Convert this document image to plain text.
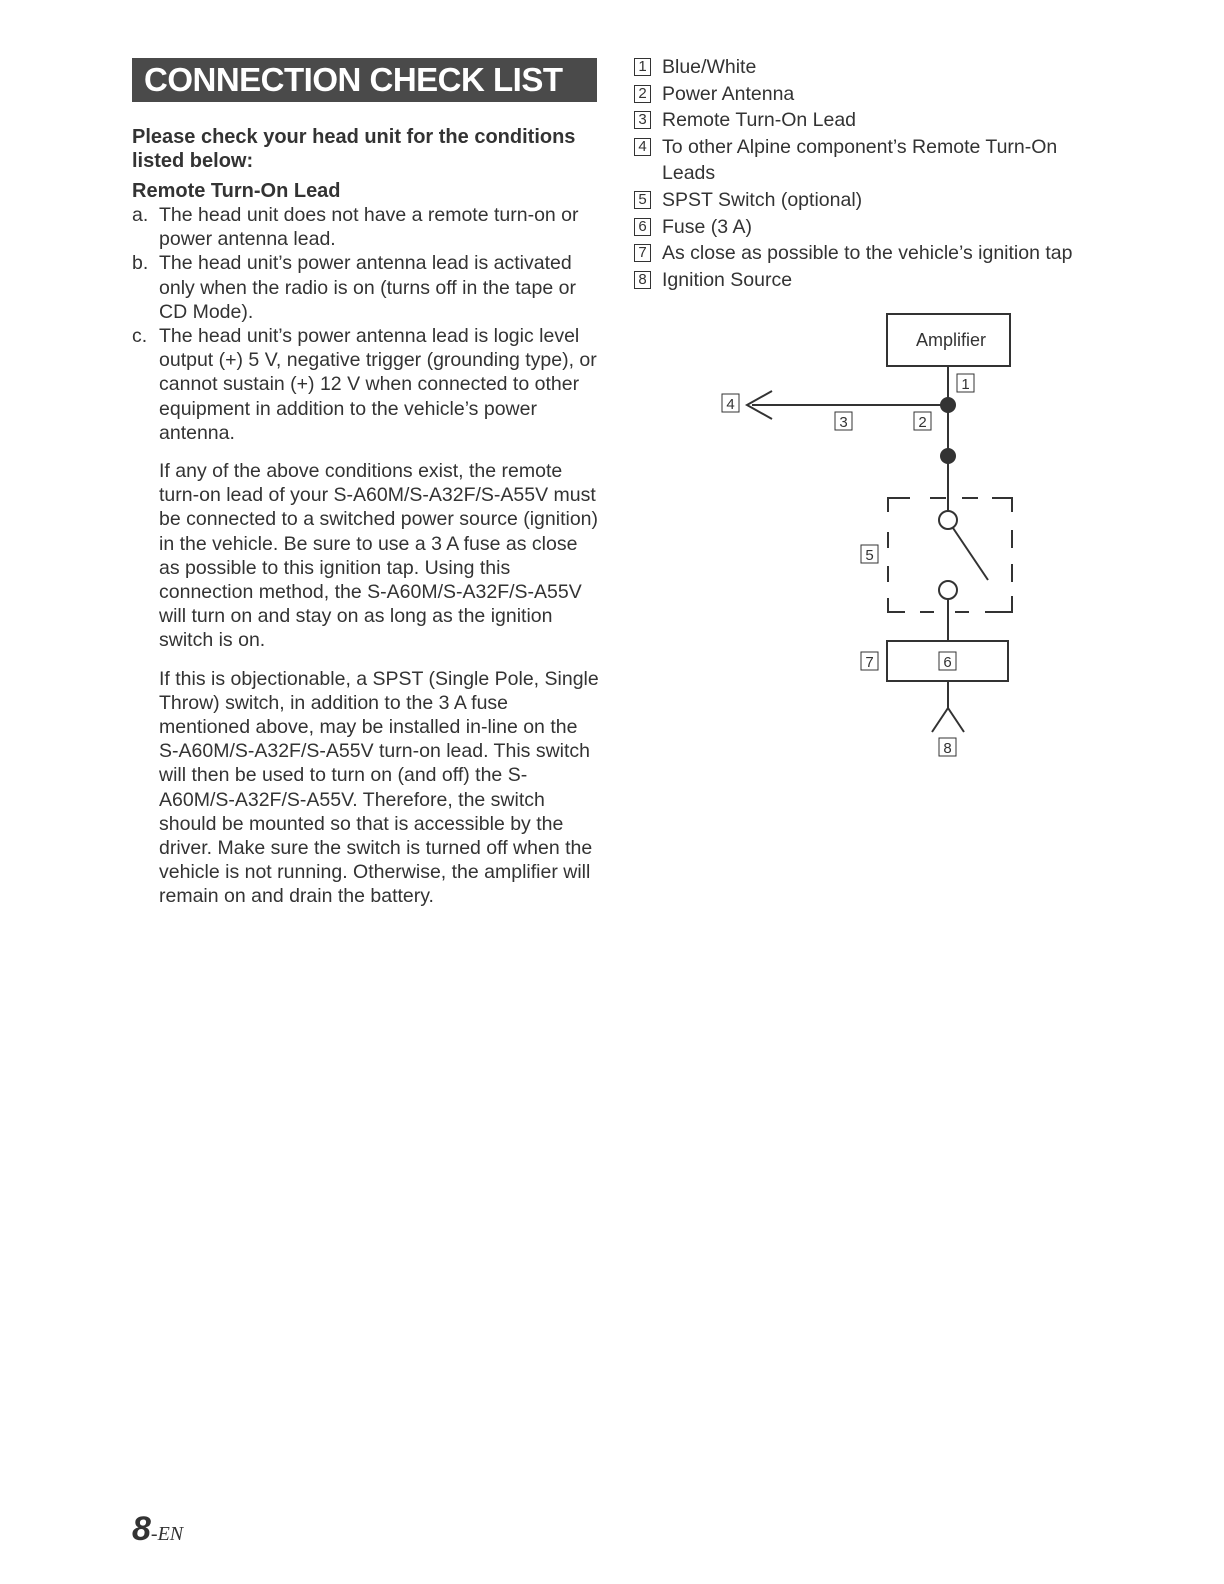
CONNECTION CHECK LIST

Please check your head unit for the conditions listed below:

Remote Turn-On Lead

a. The head unit does not have a remote turn-on or power antenna lead.
b. The head unit’s power antenna lead is activated only when the radio is on (turns off in the tape or CD Mode).
c. The head unit’s power antenna lead is logic level output (+) 5 V, negative trigger (grounding type), or cannot sustain (+) 12 V when connected to other equipment in addition to the vehicle’s power antenna.

If any of the above conditions exist, the remote turn-on lead of your S-A60M/S-A32F/S-A55V must be connected to a switched power source (ignition) in the vehicle. Be sure to use a 3 A fuse as close as possible to this ignition tap. Using this connection method, the S-A60M/S-A32F/S-A55V will turn on and stay on as long as the ignition switch is on.

If this is objectionable, a SPST (Single Pole, Single Throw) switch, in addition to the 3 A fuse mentioned above, may be installed in-line on the S-A60M/S-A32F/S-A55V turn-on lead. This switch will then be used to turn on (and off) the S-A60M/S-A32F/S-A55V. Therefore, the switch should be mounted so that is accessible by the driver. Make sure the switch is turned off when the vehicle is not running. Otherwise, the amplifier will remain on and drain the battery.

1 Blue/White
2 Power Antenna
3 Remote Turn-On Lead
4 To other Alpine component’s Remote Turn-On Leads
5 SPST Switch (optional)
6 Fuse (3 A)
7 As close as possible to the vehicle’s ignition tap
8 Ignition Source
Amplifier
1
2
3
4
5
6
7
8
8-EN
